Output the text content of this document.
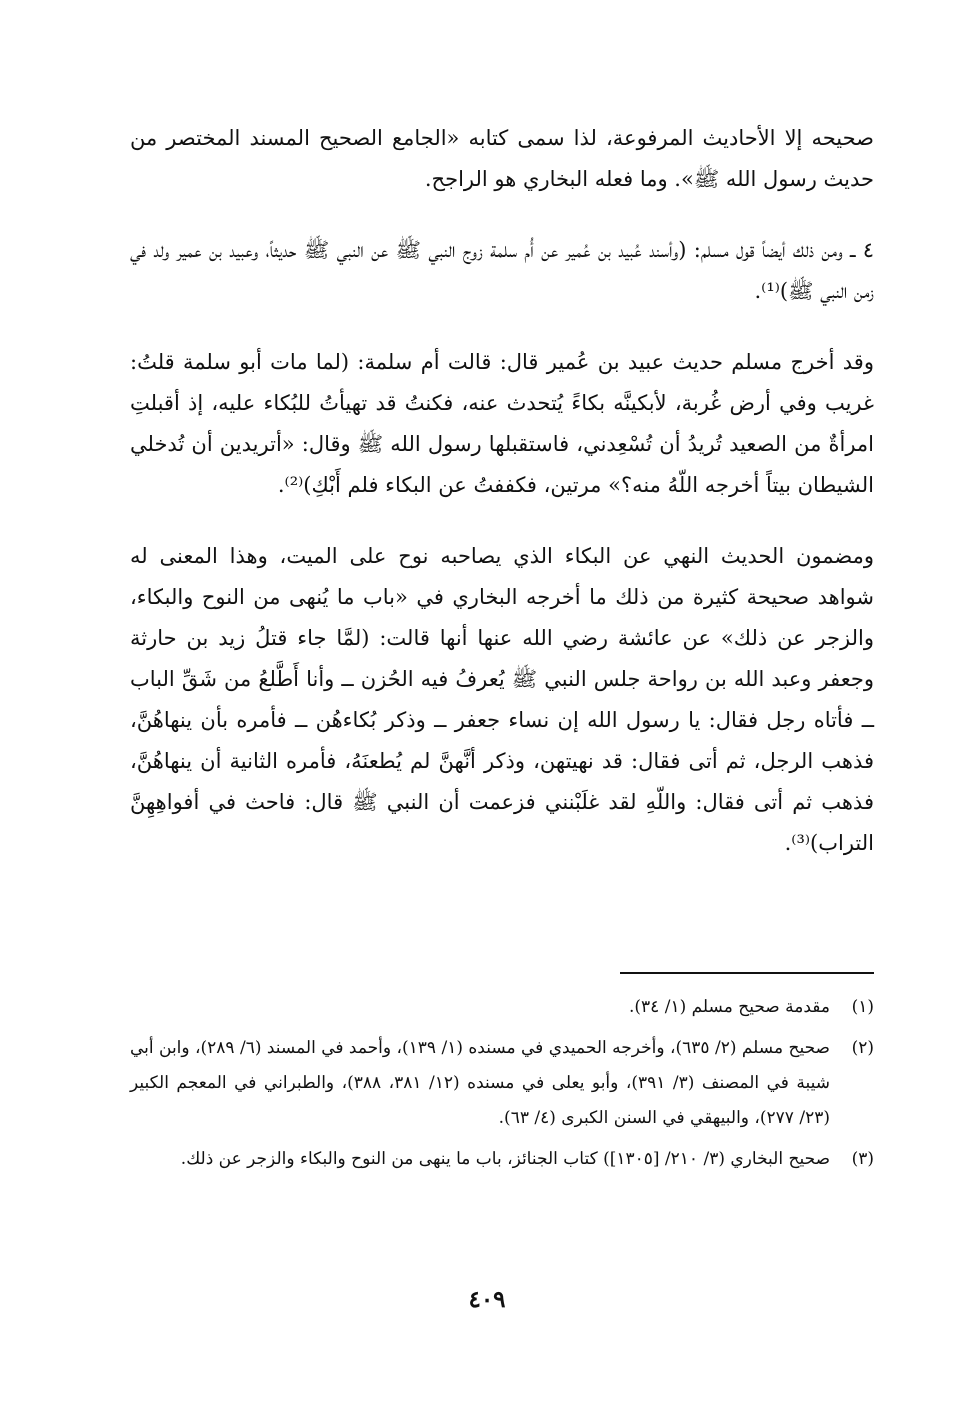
صحيحه إلا الأحاديث المرفوعة، لذا سمى كتابه «الجامع الصحيح المسند المختصر من حديث رسول الله ﷺ». وما فعله البخاري هو الراجح.

٤ ــ ومن ذلك أيضاً قول مسلم: (وأسند عُبيد بن عُمير عن أُم سلمة زوج النبي ﷺ عن النبي ﷺ حديثاً، وعبيد بن عمير ولد في زمن النبي ﷺ)⁽¹⁾.

وقد أخرج مسلم حديث عبيد بن عُمير قال: قالت أم سلمة: (لما مات أبو سلمة قلتُ: غريب وفي أرض غُربة، لأبكينَّه بكاءً يُتحدث عنه، فكنتُ قد تهيأتُ للبُكاء عليه، إذ أقبلتِ امرأةٌ من الصعيد تُريدُ أن تُسْعِدني، فاستقبلها رسول الله ﷺ وقال: «أتريدين أن تُدخلي الشيطان بيتاً أخرجه اللّهُ منه؟» مرتين، فكففتُ عن البكاء فلم أَبْكِ)⁽²⁾.

ومضمون الحديث النهي عن البكاء الذي يصاحبه نوح على الميت، وهذا المعنى له شواهد صحيحة كثيرة من ذلك ما أخرجه البخاري في «باب ما يُنهى من النوح والبكاء، والزجر عن ذلك» عن عائشة رضي الله عنها أنها قالت: (لمَّا جاء قتلُ زيد بن حارثة وجعفر وعبد الله بن رواحة جلس النبي ﷺ يُعرفُ فيه الحُزن ــ وأنا أَطَّلعُ من شَقِّ الباب ــ فأتاه رجل فقال: يا رسول الله إن نساء جعفر ــ وذكر بُكاءهُن ــ فأمره بأن ينهاهُنَّ، فذهب الرجل، ثم أتى فقال: قد نهيتهن، وذكر أنَّهنَّ لم يُطعنَهُ، فأمره الثانية أن ينهاهُنَّ، فذهب ثم أتى فقال: واللّهِ لقد غلَبْنني فزعمت أن النبي ﷺ قال: فاحث في أفواهِهِنَّ التراب)⁽³⁾.

(١)
مقدمة صحيح مسلم (١/ ٣٤).
(٢)
صحيح مسلم (٢/ ٦٣٥)، وأخرجه الحميدي في مسنده (١/ ١٣٩)، وأحمد في المسند (٦/ ٢٨٩)، وابن أبي شيبة في المصنف (٣/ ٣٩١)، وأبو يعلى في مسنده (١٢/ ٣٨١، ٣٨٨)، والطبراني في المعجم الكبير (٢٣/ ٢٧٧)، والبيهقي في السنن الكبرى (٤/ ٦٣).
(٣)
صحيح البخاري (٣/ ٢١٠/ [١٣٠٥]) كتاب الجنائز، باب ما ينهى من النوح والبكاء والزجر عن ذلك.
٤٠٩
